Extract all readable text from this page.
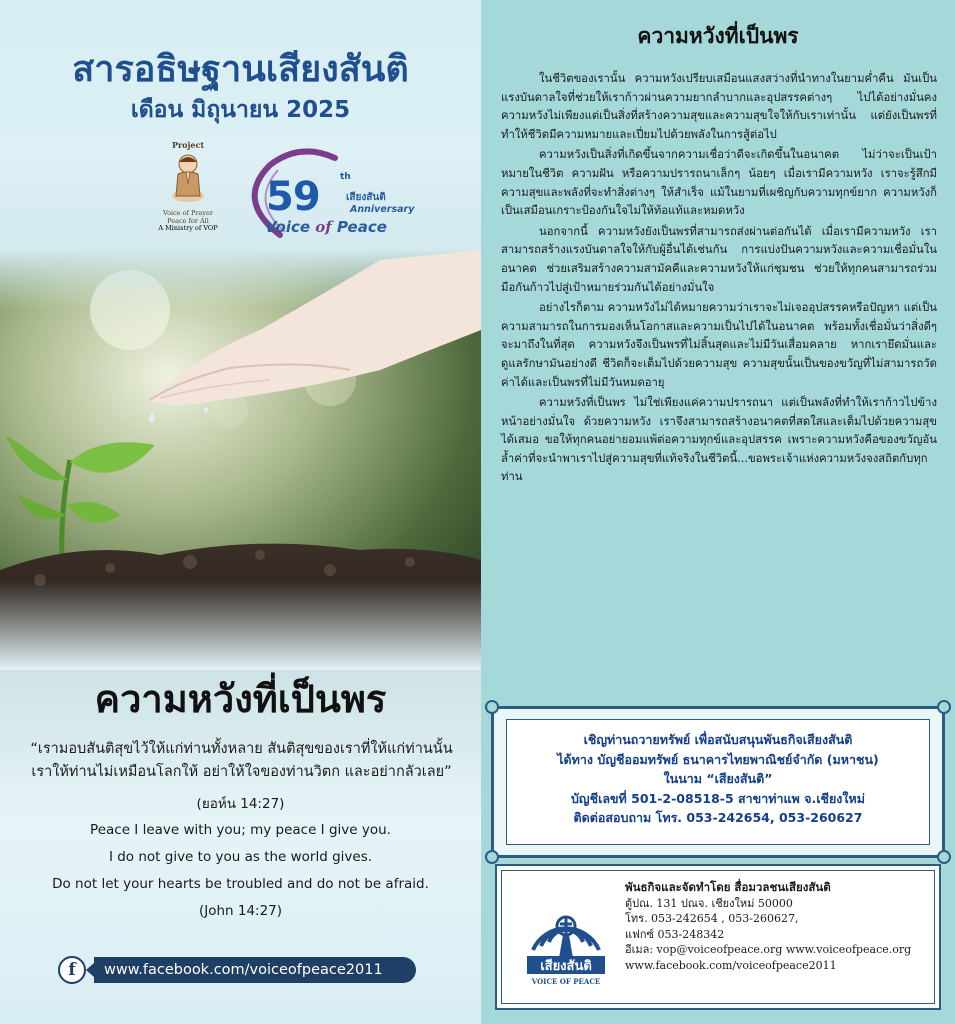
สารอธิษฐานเสียงสันติ
เดือน มิถุนายน 2025
Project
Voice of Prayer
Peace for All
A Ministry of VOP
59 th
เสียงสันติ
Anniversary
Voice of Peace
ความหวังที่เป็นพร
“เรามอบสันติสุขไว้ให้แก่ท่านทั้งหลาย สันติสุขของเราที่ให้แก่ท่านนั้น
เราให้ท่านไม่เหมือนโลกให้ อย่าให้ใจของท่านวิตก และอย่ากลัวเลย”
(ยอห์น 14:27)
Peace I leave with you; my peace I give you.
I do not give to you as the world gives.
Do not let your hearts be troubled and do not be afraid.
(John 14:27)
f	www.facebook.com/voiceofpeace2011
ความหวังที่เป็นพร

ในชีวิตของเรานั้น ความหวังเปรียบเสมือนแสงสว่างที่นำทางในยามค่ำคืน มันเป็นแรงบันดาลใจที่ช่วยให้เราก้าวผ่านความยากลำบากและอุปสรรคต่างๆ ไปได้อย่างมั่นคง ความหวังไม่เพียงแต่เป็นสิ่งที่สร้างความสุขและความสุขใจให้กับเราเท่านั้น แต่ยังเป็นพรที่ทำให้ชีวิตมีความหมายและเปี่ยมไปด้วยพลังในการสู้ต่อไป

ความหวังเป็นสิ่งที่เกิดขึ้นจากความเชื่อว่าดีจะเกิดขึ้นในอนาคต ไม่ว่าจะเป็นเป้าหมายในชีวิต ความฝัน หรือความปรารถนาเล็กๆ น้อยๆ เมื่อเรามีความหวัง เราจะรู้สึกมีความสุขและพลังที่จะทำสิ่งต่างๆ ให้สำเร็จ แม้ในยามที่เผชิญกับความทุกข์ยาก ความหวังก็เป็นเสมือนเกราะป้องกันใจไม่ให้ท้อแท้และหมดหวัง

นอกจากนี้ ความหวังยังเป็นพรที่สามารถส่งผ่านต่อกันได้ เมื่อเรามีความหวัง เราสามารถสร้างแรงบันดาลใจให้กับผู้อื่นได้เช่นกัน การแบ่งปันความหวังและความเชื่อมั่นในอนาคต ช่วยเสริมสร้างความสามัคคีและความหวังให้แก่ชุมชน ช่วยให้ทุกคนสามารถร่วมมือกันก้าวไปสู่เป้าหมายร่วมกันได้อย่างมั่นใจ

อย่างไรก็ตาม ความหวังไม่ได้หมายความว่าเราจะไม่เจออุปสรรคหรือปัญหา แต่เป็นความสามารถในการมองเห็นโอกาสและความเป็นไปได้ในอนาคต พร้อมทั้งเชื่อมั่นว่าสิ่งดีๆ จะมาถึงในที่สุด ความหวังจึงเป็นพรที่ไม่สิ้นสุดและไม่มีวันเสื่อมคลาย หากเรายึดมั่นและดูแลรักษามันอย่างดี ชีวิตก็จะเต็มไปด้วยความสุข ความสุขนั้นเป็นของขวัญที่ไม่สามารถวัดค่าได้และเป็นพรที่ไม่มีวันหมดอายุ

ความหวังที่เป็นพร ไม่ใช่เพียงแค่ความปรารถนา แต่เป็นพลังที่ทำให้เราก้าวไปข้างหน้าอย่างมั่นใจ ด้วยความหวัง เราจึงสามารถสร้างอนาคตที่สดใสและเต็มไปด้วยความสุขได้เสมอ ขอให้ทุกคนอย่ายอมแพ้ต่อความทุกข์และอุปสรรค เพราะความหวังคือของขวัญอันล้ำค่าที่จะนำพาเราไปสู่ความสุขที่แท้จริงในชีวิตนี้...ขอพระเจ้าแห่งความหวังจงสถิตกับทุกท่าน

เชิญท่านถวายทรัพย์ เพื่อสนับสนุนพันธกิจเสียงสันติ
ได้ทาง บัญชีออมทรัพย์ ธนาคารไทยพาณิชย์จำกัด (มหาชน)
ในนาม “เสียงสันติ”
บัญชีเลขที่ 501-2-08518-5 สาขาท่าแพ จ.เชียงใหม่
ติดต่อสอบถาม โทร. 053-242654, 053-260627
เสียงสันติ
VOICE OF PEACE
พันธกิจและจัดทำโดย สื่อมวลชนเสียงสันติ
ตู้ปณ. 131 ปณจ. เชียงใหม่ 50000
โทร. 053-242654 , 053-260627,
แฟกซ์ 053-248342
อีเมล: vop@voiceofpeace.org www.voiceofpeace.org
www.facebook.com/voiceofpeace2011
